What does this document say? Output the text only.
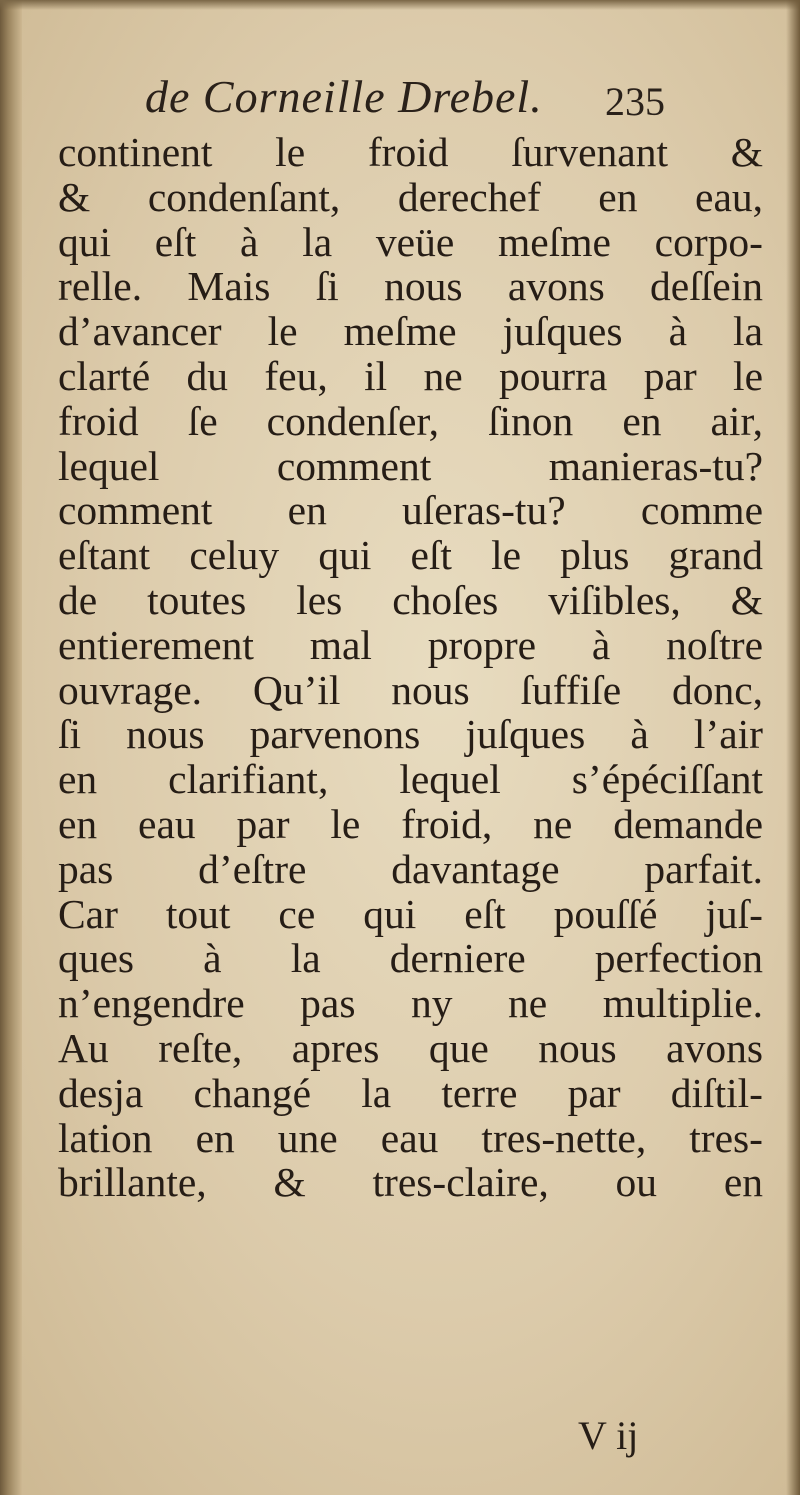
de Corneille Drebel. 235
continent le froid ſurvenant &
& condenſant, derechef en eau,
qui eſt à la veüe meſme corpo-
relle. Mais ſi nous avons deſſein
d’avancer le meſme juſques à la
clarté du feu, il ne pourra par le
froid ſe condenſer, ſinon en air,
lequel comment manieras-tu?
comment en uſeras-tu? comme
eſtant celuy qui eſt le plus grand
de toutes les choſes viſibles, &
entierement mal propre à noſtre
ouvrage. Qu’il nous ſuffiſe donc,
ſi nous parvenons juſques à l’air
en clarifiant, lequel s’épéciſſant
en eau par le froid, ne demande
pas d’eſtre davantage parfait.
Car tout ce qui eſt pouſſé juſ-
ques à la derniere perfection
n’engendre pas ny ne multiplie.
Au reſte, apres que nous avons
desja changé la terre par diſtil-
lation en une eau tres-nette, tres-
brillante, & tres-claire, ou en
V ij
